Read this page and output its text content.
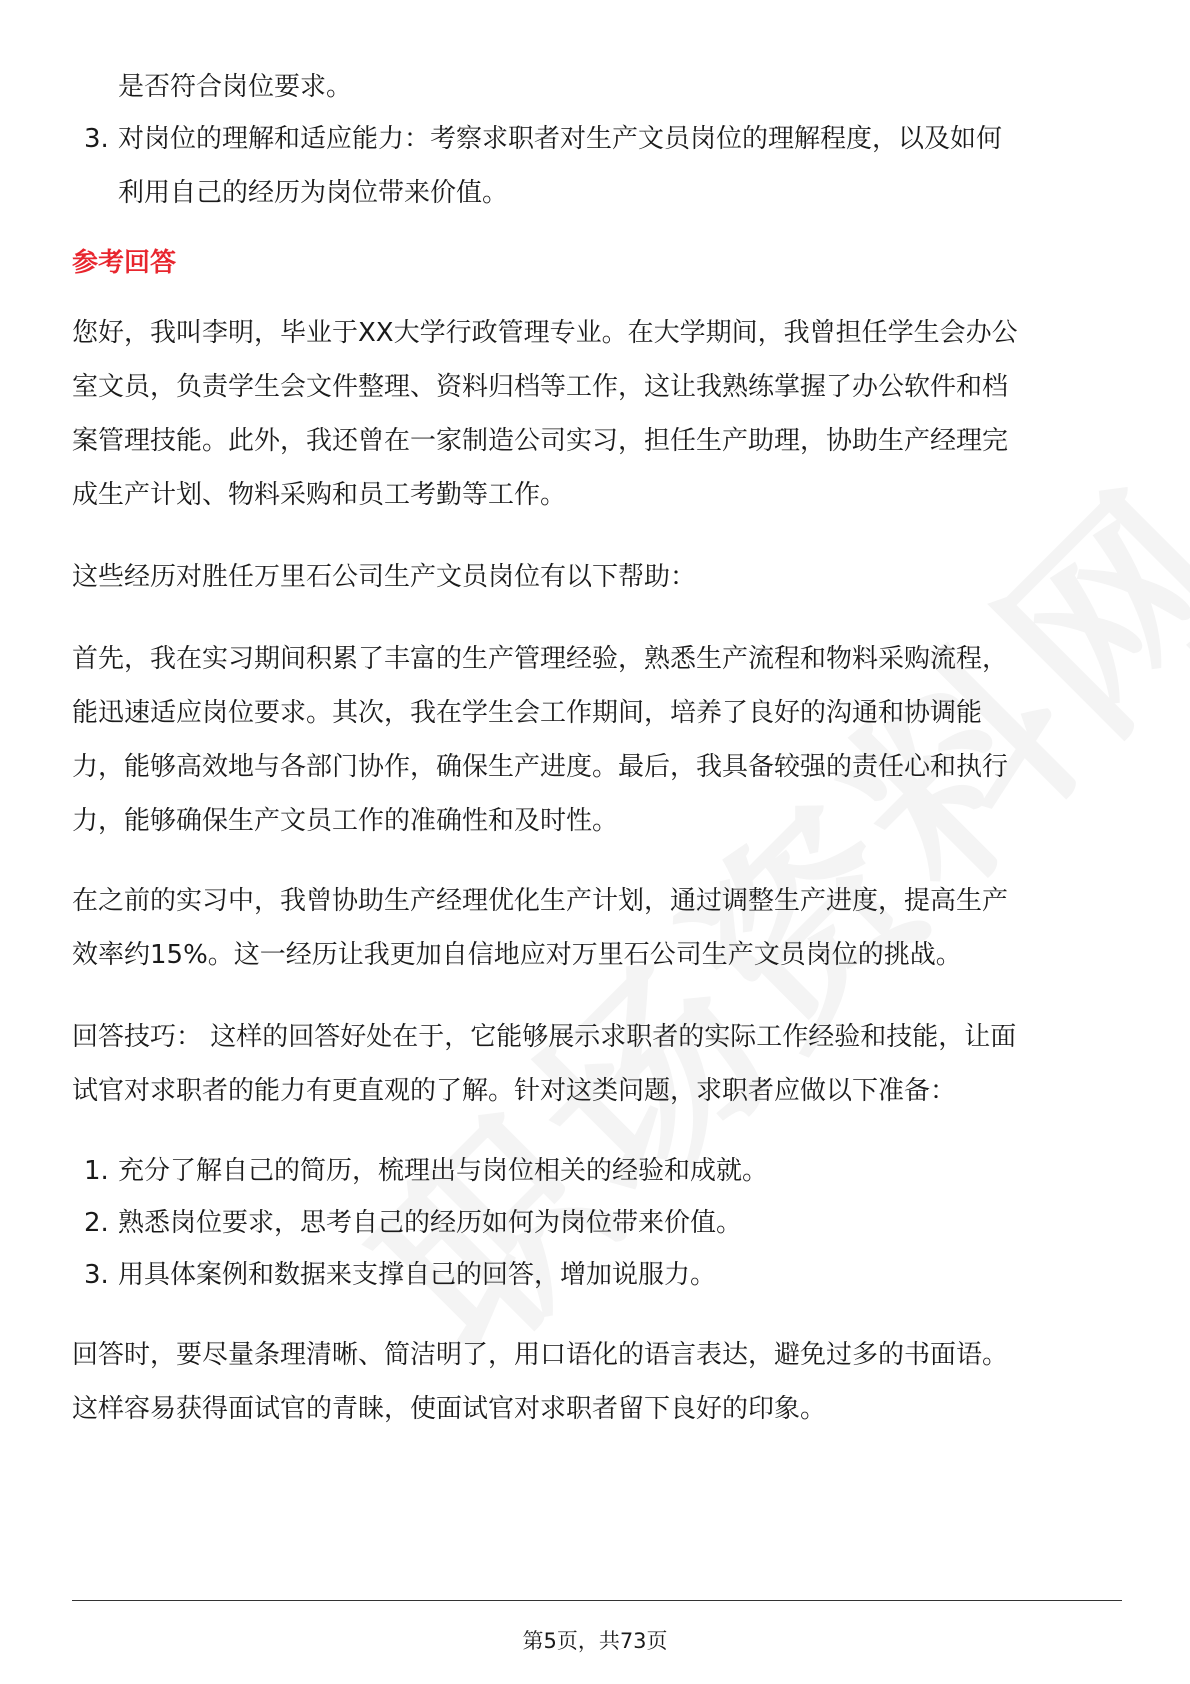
是否符合岗位要求。
3. 对岗位的理解和适应能力：考察求职者对生产文员岗位的理解程度，以及如何
利用自己的经历为岗位带来价值。
参考回答
您好，我叫李明，毕业于XX大学行政管理专业。在大学期间，我曾担任学生会办公
室文员，负责学生会文件整理、资料归档等工作，这让我熟练掌握了办公软件和档
案管理技能。此外，我还曾在一家制造公司实习，担任生产助理，协助生产经理完
成生产计划、物料采购和员工考勤等工作。
这些经历对胜任万里石公司生产文员岗位有以下帮助：
首先，我在实习期间积累了丰富的生产管理经验，熟悉生产流程和物料采购流程，
能迅速适应岗位要求。其次，我在学生会工作期间，培养了良好的沟通和协调能
力，能够高效地与各部门协作，确保生产进度。最后，我具备较强的责任心和执行
力，能够确保生产文员工作的准确性和及时性。
在之前的实习中，我曾协助生产经理优化生产计划，通过调整生产进度，提高生产
效率约15%。这一经历让我更加自信地应对万里石公司生产文员岗位的挑战。
回答技巧： 这样的回答好处在于，它能够展示求职者的实际工作经验和技能，让面
试官对求职者的能力有更直观的了解。针对这类问题，求职者应做以下准备：
1. 充分了解自己的简历，梳理出与岗位相关的经验和成就。
2. 熟悉岗位要求，思考自己的经历如何为岗位带来价值。
3. 用具体案例和数据来支撑自己的回答，增加说服力。
回答时，要尽量条理清晰、简洁明了，用口语化的语言表达，避免过多的书面语。
这样容易获得面试官的青睐，使面试官对求职者留下良好的印象。
第5页，共73页
